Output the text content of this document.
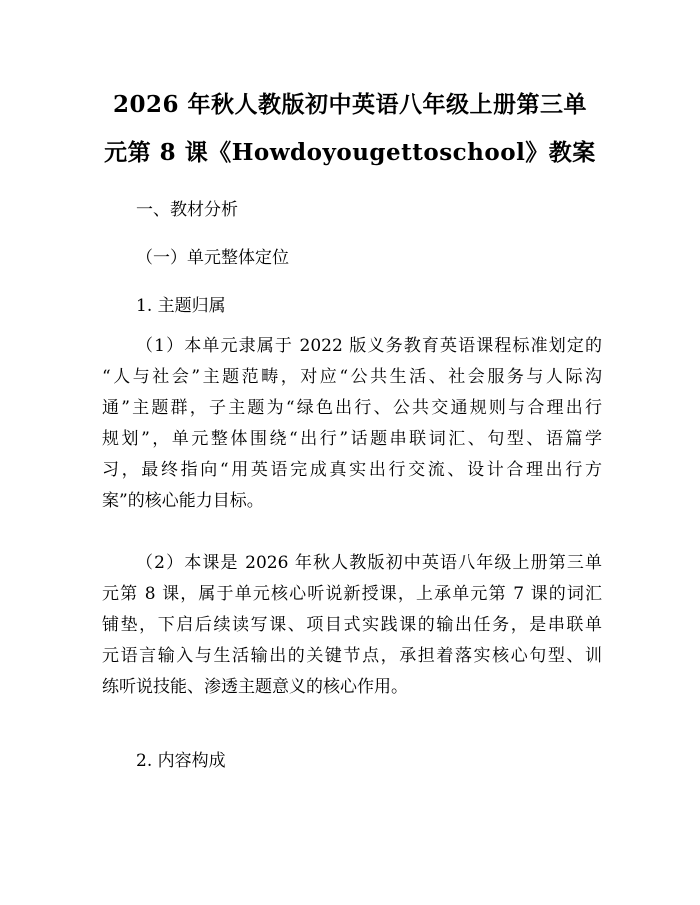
2026 年秋人教版初中英语八年级上册第三单
元第 8 课《Howdoyougettoschool》教案
一、教材分析
（一）单元整体定位
1. 主题归属
（1）本单元隶属于 2022 版义务教育英语课程标准划定的
“人与社会”主题范畴，对应“公共生活、社会服务与人际沟
通”主题群，子主题为“绿色出行、公共交通规则与合理出行
规划”，单元整体围绕“出行”话题串联词汇、句型、语篇学
习，最终指向“用英语完成真实出行交流、设计合理出行方
案”的核心能力目标。
（2）本课是 2026 年秋人教版初中英语八年级上册第三单
元第 8 课，属于单元核心听说新授课，上承单元第 7 课的词汇
铺垫，下启后续读写课、项目式实践课的输出任务，是串联单
元语言输入与生活输出的关键节点，承担着落实核心句型、训
练听说技能、渗透主题意义的核心作用。
2. 内容构成
